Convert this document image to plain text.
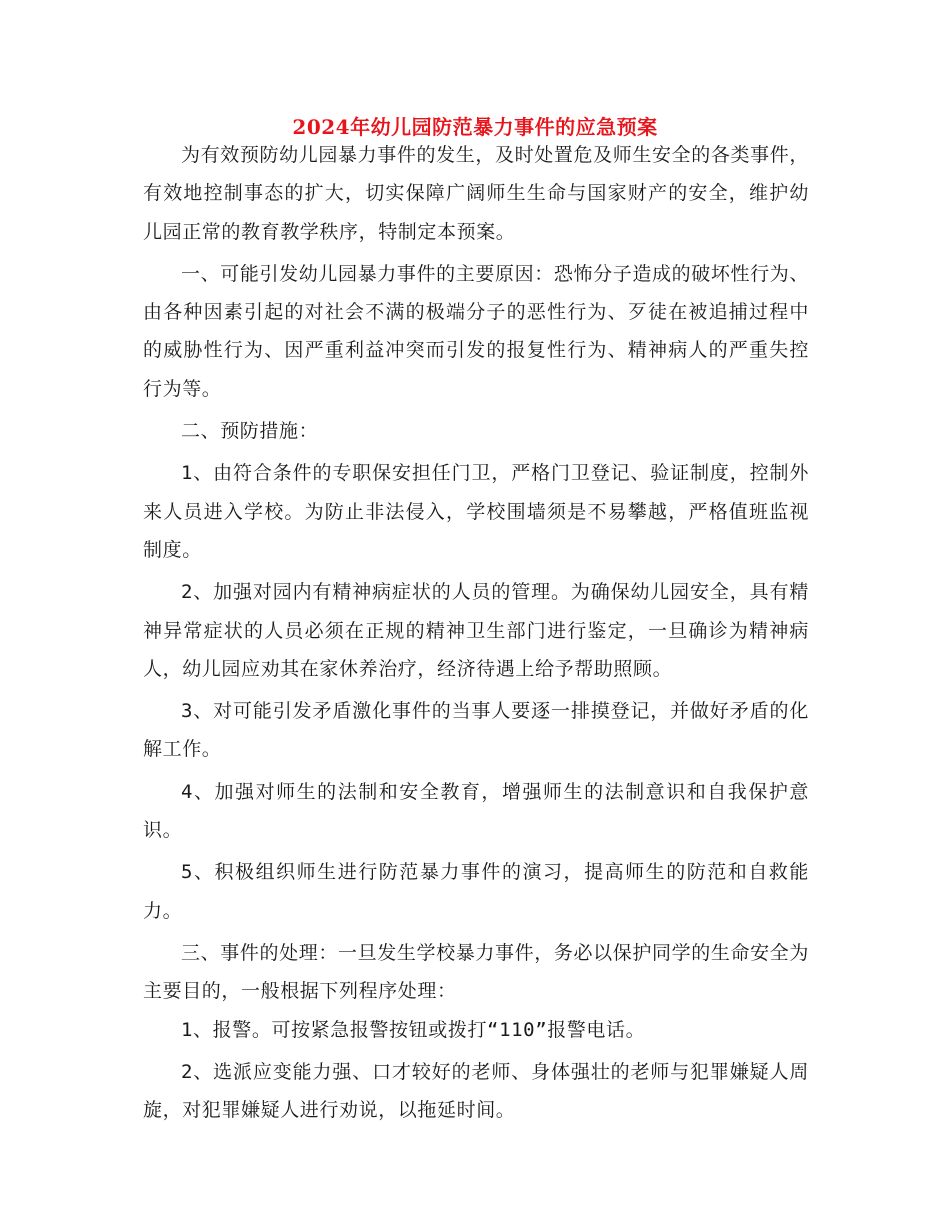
2024年幼儿园防范暴力事件的应急预案

为有效预防幼儿园暴力事件的发生，及时处置危及师生安全的各类事件，有效地控制事态的扩大，切实保障广阔师生生命与国家财产的安全，维护幼儿园正常的教育教学秩序，特制定本预案。

一、可能引发幼儿园暴力事件的主要原因：恐怖分子造成的破坏性行为、由各种因素引起的对社会不满的极端分子的恶性行为、歹徒在被追捕过程中的威胁性行为、因严重利益冲突而引发的报复性行为、精神病人的严重失控行为等。

二、预防措施：

1、由符合条件的专职保安担任门卫，严格门卫登记、验证制度，控制外来人员进入学校。为防止非法侵入，学校围墙须是不易攀越，严格值班监视制度。

2、加强对园内有精神病症状的人员的管理。为确保幼儿园安全，具有精神异常症状的人员必须在正规的精神卫生部门进行鉴定，一旦确诊为精神病人，幼儿园应劝其在家休养治疗，经济待遇上给予帮助照顾。

3、对可能引发矛盾激化事件的当事人要逐一排摸登记，并做好矛盾的化解工作。

4、加强对师生的法制和安全教育，增强师生的法制意识和自我保护意识。

5、积极组织师生进行防范暴力事件的演习，提高师生的防范和自救能力。

三、事件的处理：一旦发生学校暴力事件，务必以保护同学的生命安全为主要目的，一般根据下列程序处理：

1、报警。可按紧急报警按钮或拨打“110”报警电话。

2、选派应变能力强、口才较好的老师、身体强壮的老师与犯罪嫌疑人周旋，对犯罪嫌疑人进行劝说，以拖延时间。
